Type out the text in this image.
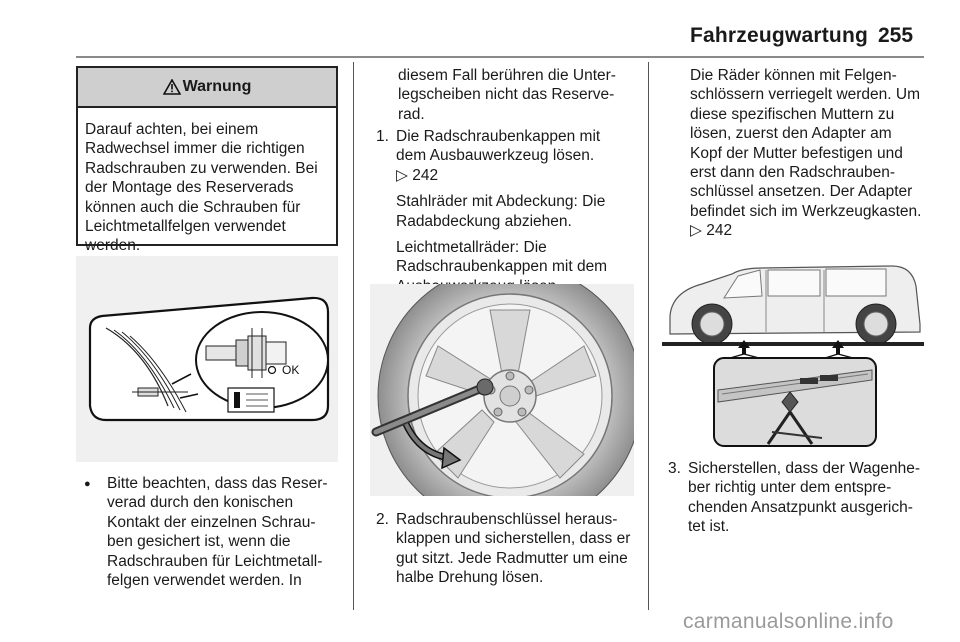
Fahrzeugwartung 255
Warnung
Darauf achten, bei einem
Radwechsel immer die richtigen
Radschrauben zu verwenden. Bei
der Montage des Reserverads
können auch die Schrauben für
Leichtmetallfelgen verwendet
werden.
OK
● Bitte beachten, dass das Reser-
verad durch den konischen
Kontakt der einzelnen Schrau-
ben gesichert ist, wenn die
Radschrauben für Leichtmetall-
felgen verwendet werden. In
diesem Fall berühren die Unter-
legscheiben nicht das Reserve-
rad.
1. Die Radschraubenkappen mit
dem Ausbauwerkzeug lösen.
▷ 242
Stahlräder mit Abdeckung: Die
Radabdeckung abziehen.
Leichtmetallräder: Die
Radschraubenkappen mit dem
2. Radschraubenschlüssel heraus-
klappen und sicherstellen, dass er
gut sitzt. Jede Radmutter um eine
halbe Drehung lösen.
Die Räder können mit Felgen-
schlössern verriegelt werden. Um
diese spezifischen Muttern zu
lösen, zuerst den Adapter am
Kopf der Mutter befestigen und
erst dann den Radschrauben-
schlüssel ansetzen. Der Adapter
befindet sich im Werkzeugkasten.
▷ 242
3. Sicherstellen, dass der Wagenhe-
ber richtig unter dem entspre-
chenden Ansatzpunkt ausgerich-
tet ist.
carmanualsonline.info
